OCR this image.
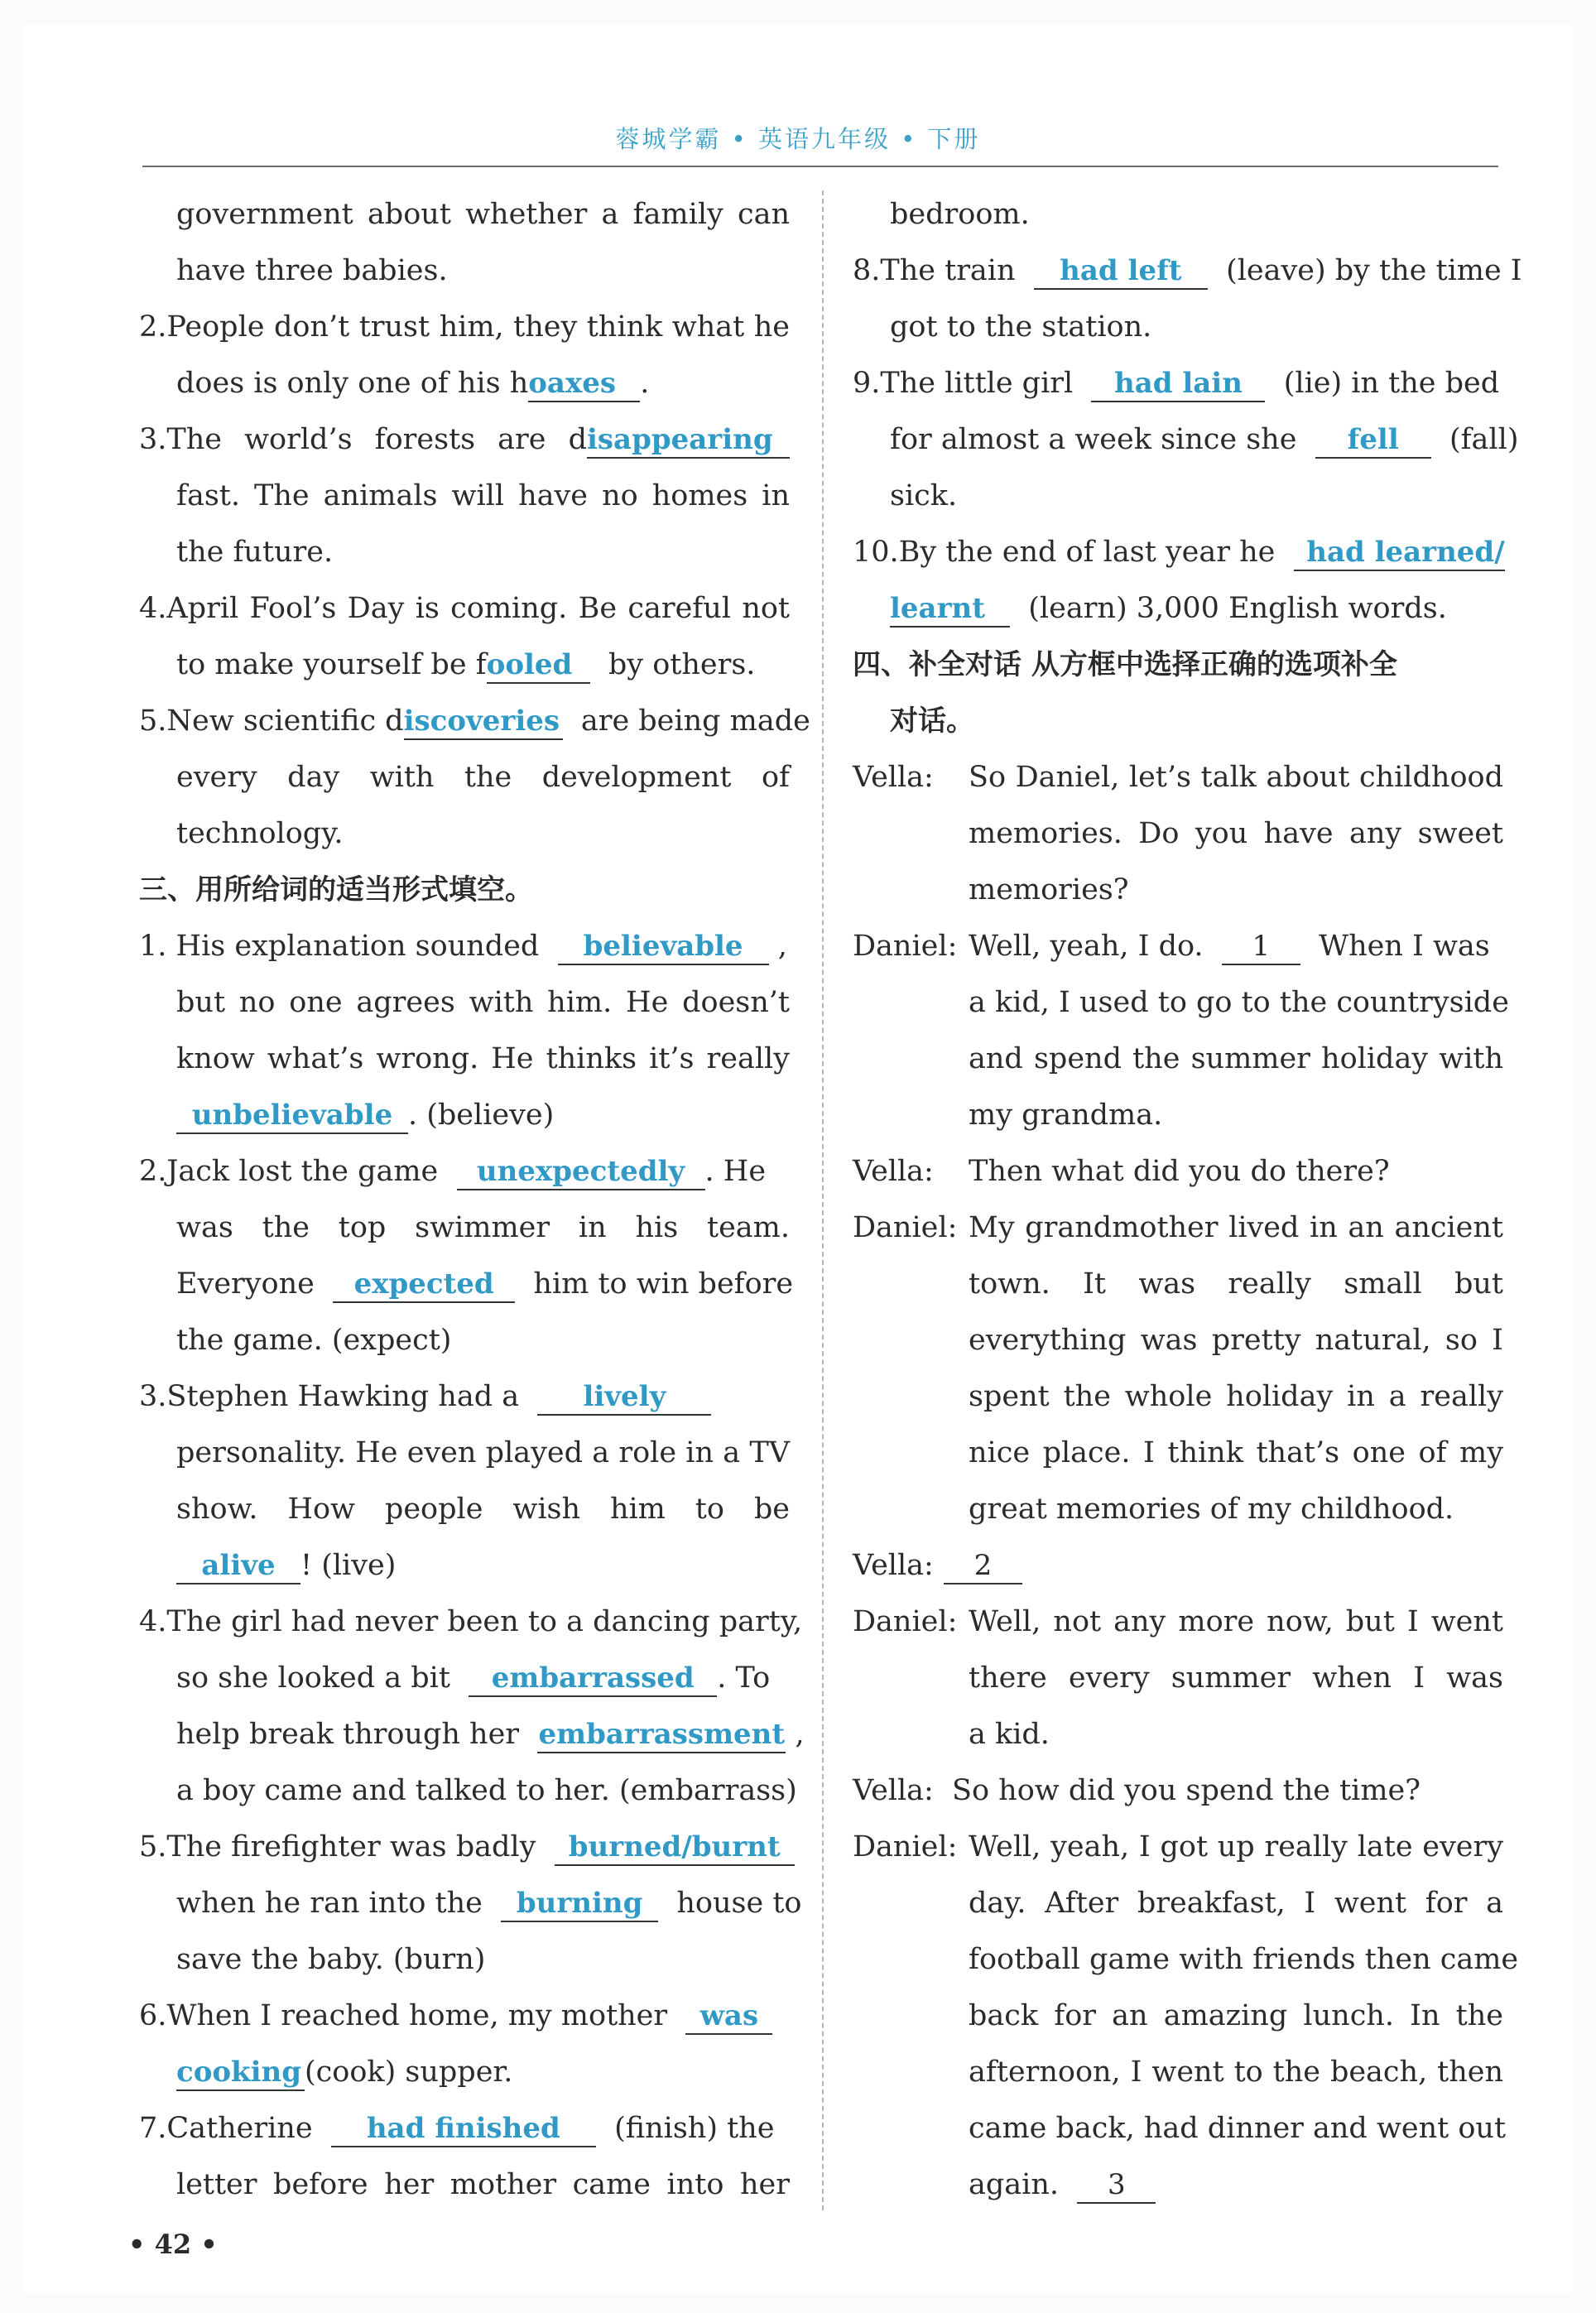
蓉城学霸 • 英语九年级 • 下册
government about whether a family can
have three babies.
2.People don’t trust him, they think what he
does is only one of his hoaxes .
3.The world’s forests are disappearing
fast. The animals will have no homes in
the future.
4.April Fool’s Day is coming. Be careful not
to make yourself be fooled by others.
5.New scientific discoveries are being made
every day with the development of
technology.
三、用所给词的适当形式填空。
1. His explanation sounded believable ,
but no one agrees with him. He doesn’t
know what’s wrong. He thinks it’s really
unbelievable . (believe)
2.Jack lost the game unexpectedly . He
was the top swimmer in his team.
Everyone expected him to win before
the game. (expect)
3.Stephen Hawking had a lively
personality. He even played a role in a TV
show. How people wish him to be
alive ! (live)
4.The girl had never been to a dancing party,
so she looked a bit embarrassed . To
help break through her embarrassment ,
a boy came and talked to her. (embarrass)
5.The firefighter was badly burned/burnt
when he ran into the burning house to
save the baby. (burn)
6.When I reached home, my mother was
cooking (cook) supper.
7.Catherine had finished (finish) the
letter before her mother came into her
bedroom.
8.The train had left (leave) by the time I
got to the station.
9.The little girl had lain (lie) in the bed
for almost a week since she fell (fall)
sick.
10.By the end of last year he had learned/
learnt (learn) 3,000 English words.
四、补全对话 从方框中选择正确的选项补全
对话。
Vella: So Daniel, let’s talk about childhood
memories. Do you have any sweet
memories?
Daniel: Well, yeah, I do. 1 When I was
a kid, I used to go to the countryside
and spend the summer holiday with
my grandma.
Vella: Then what did you do there?
Daniel: My grandmother lived in an ancient
town. It was really small but
everything was pretty natural, so I
spent the whole holiday in a really
nice place. I think that’s one of my
great memories of my childhood.
Vella:	2
Daniel: Well, not any more now, but I went
there every summer when I was
a kid.
Vella: So how did you spend the time?
Daniel: Well, yeah, I got up really late every
day. After breakfast, I went for a
football game with friends then came
back for an amazing lunch. In the
afternoon, I went to the beach, then
came back, had dinner and went out
again. 3
• 42 •
